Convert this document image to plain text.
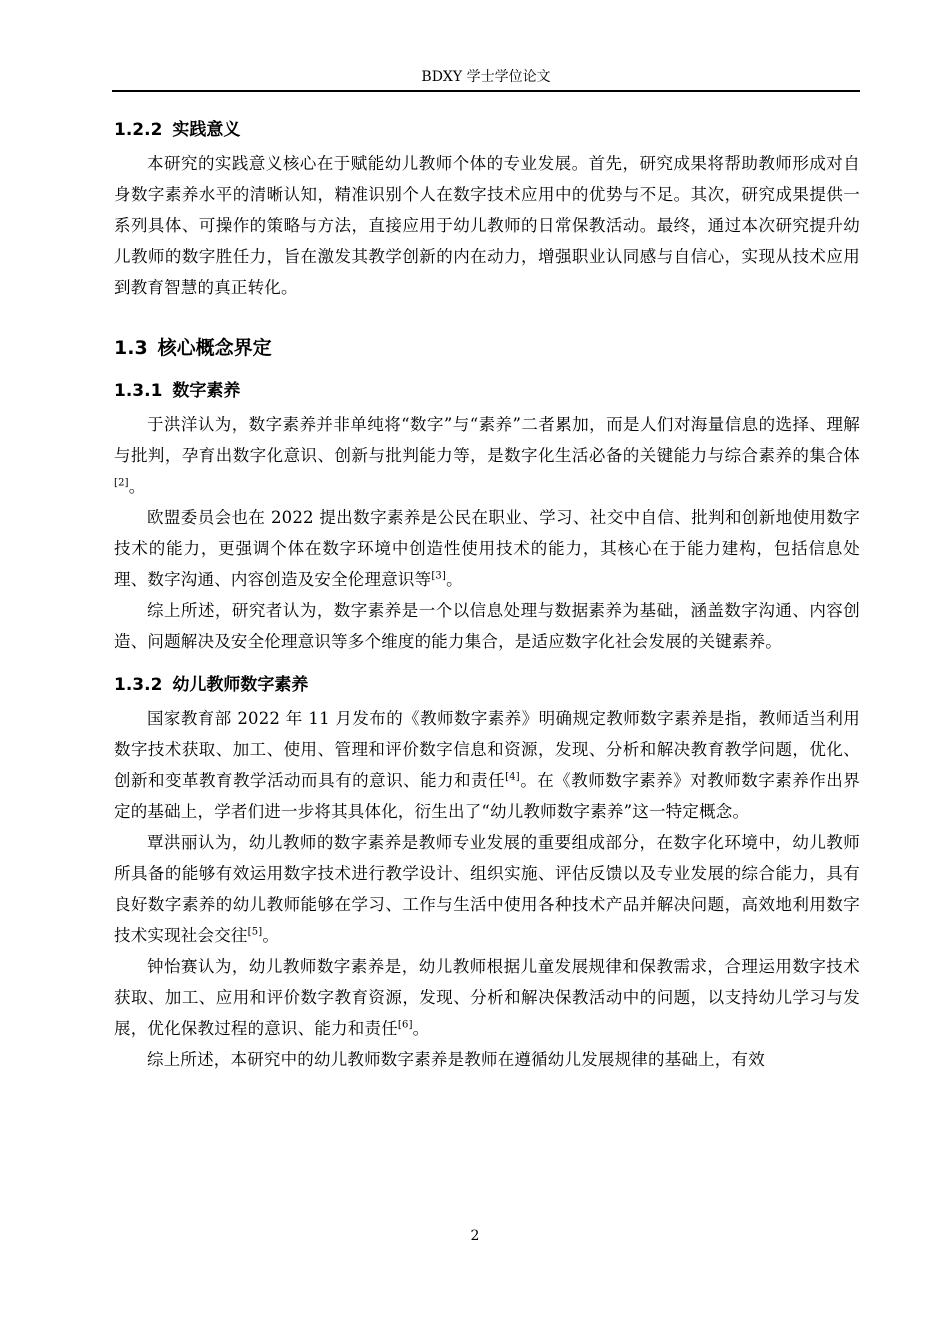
BDXY 学士学位论文
1.2.2 实践意义

本研究的实践意义核心在于赋能幼儿教师个体的专业发展。首先，研究成果将帮助教师形成对自身数字素养水平的清晰认知，精准识别个人在数字技术应用中的优势与不足。其次，研究成果提供一系列具体、可操作的策略与方法，直接应用于幼儿教师的日常保教活动。最终，通过本次研究提升幼儿教师的数字胜任力，旨在激发其教学创新的内在动力，增强职业认同感与自信心，实现从技术应用到教育智慧的真正转化。

1.3 核心概念界定
1.3.1 数字素养

于洪洋认为，数字素养并非单纯将“数字”与“素养”二者累加，而是人们对海量信息的选择、理解与批判，孕育出数字化意识、创新与批判能力等，是数字化生活必备的关键能力与综合素养的集合体[2]。

欧盟委员会也在 2022 提出数字素养是公民在职业、学习、社交中自信、批判和创新地使用数字技术的能力，更强调个体在数字环境中创造性使用技术的能力，其核心在于能力建构，包括信息处理、数字沟通、内容创造及安全伦理意识等[3]。

综上所述，研究者认为，数字素养是一个以信息处理与数据素养为基础，涵盖数字沟通、内容创造、问题解决及安全伦理意识等多个维度的能力集合，是适应数字化社会发展的关键素养。

1.3.2 幼儿教师数字素养

国家教育部 2022 年 11 月发布的《教师数字素养》明确规定教师数字素养是指，教师适当利用数字技术获取、加工、使用、管理和评价数字信息和资源，发现、分析和解决教育教学问题，优化、创新和变革教育教学活动而具有的意识、能力和责任[4]。在《教师数字素养》对教师数字素养作出界定的基础上，学者们进一步将其具体化，衍生出了“幼儿教师数字素养”这一特定概念。

覃洪丽认为，幼儿教师的数字素养是教师专业发展的重要组成部分，在数字化环境中，幼儿教师所具备的能够有效运用数字技术进行教学设计、组织实施、评估反馈以及专业发展的综合能力，具有良好数字素养的幼儿教师能够在学习、工作与生活中使用各种技术产品并解决问题，高效地利用数字技术实现社会交往[5]。

钟怡赛认为，幼儿教师数字素养是，幼儿教师根据儿童发展规律和保教需求，合理运用数字技术获取、加工、应用和评价数字教育资源，发现、分析和解决保教活动中的问题，以支持幼儿学习与发展，优化保教过程的意识、能力和责任[6]。

综上所述，本研究中的幼儿教师数字素养是教师在遵循幼儿发展规律的基础上，有效

2
